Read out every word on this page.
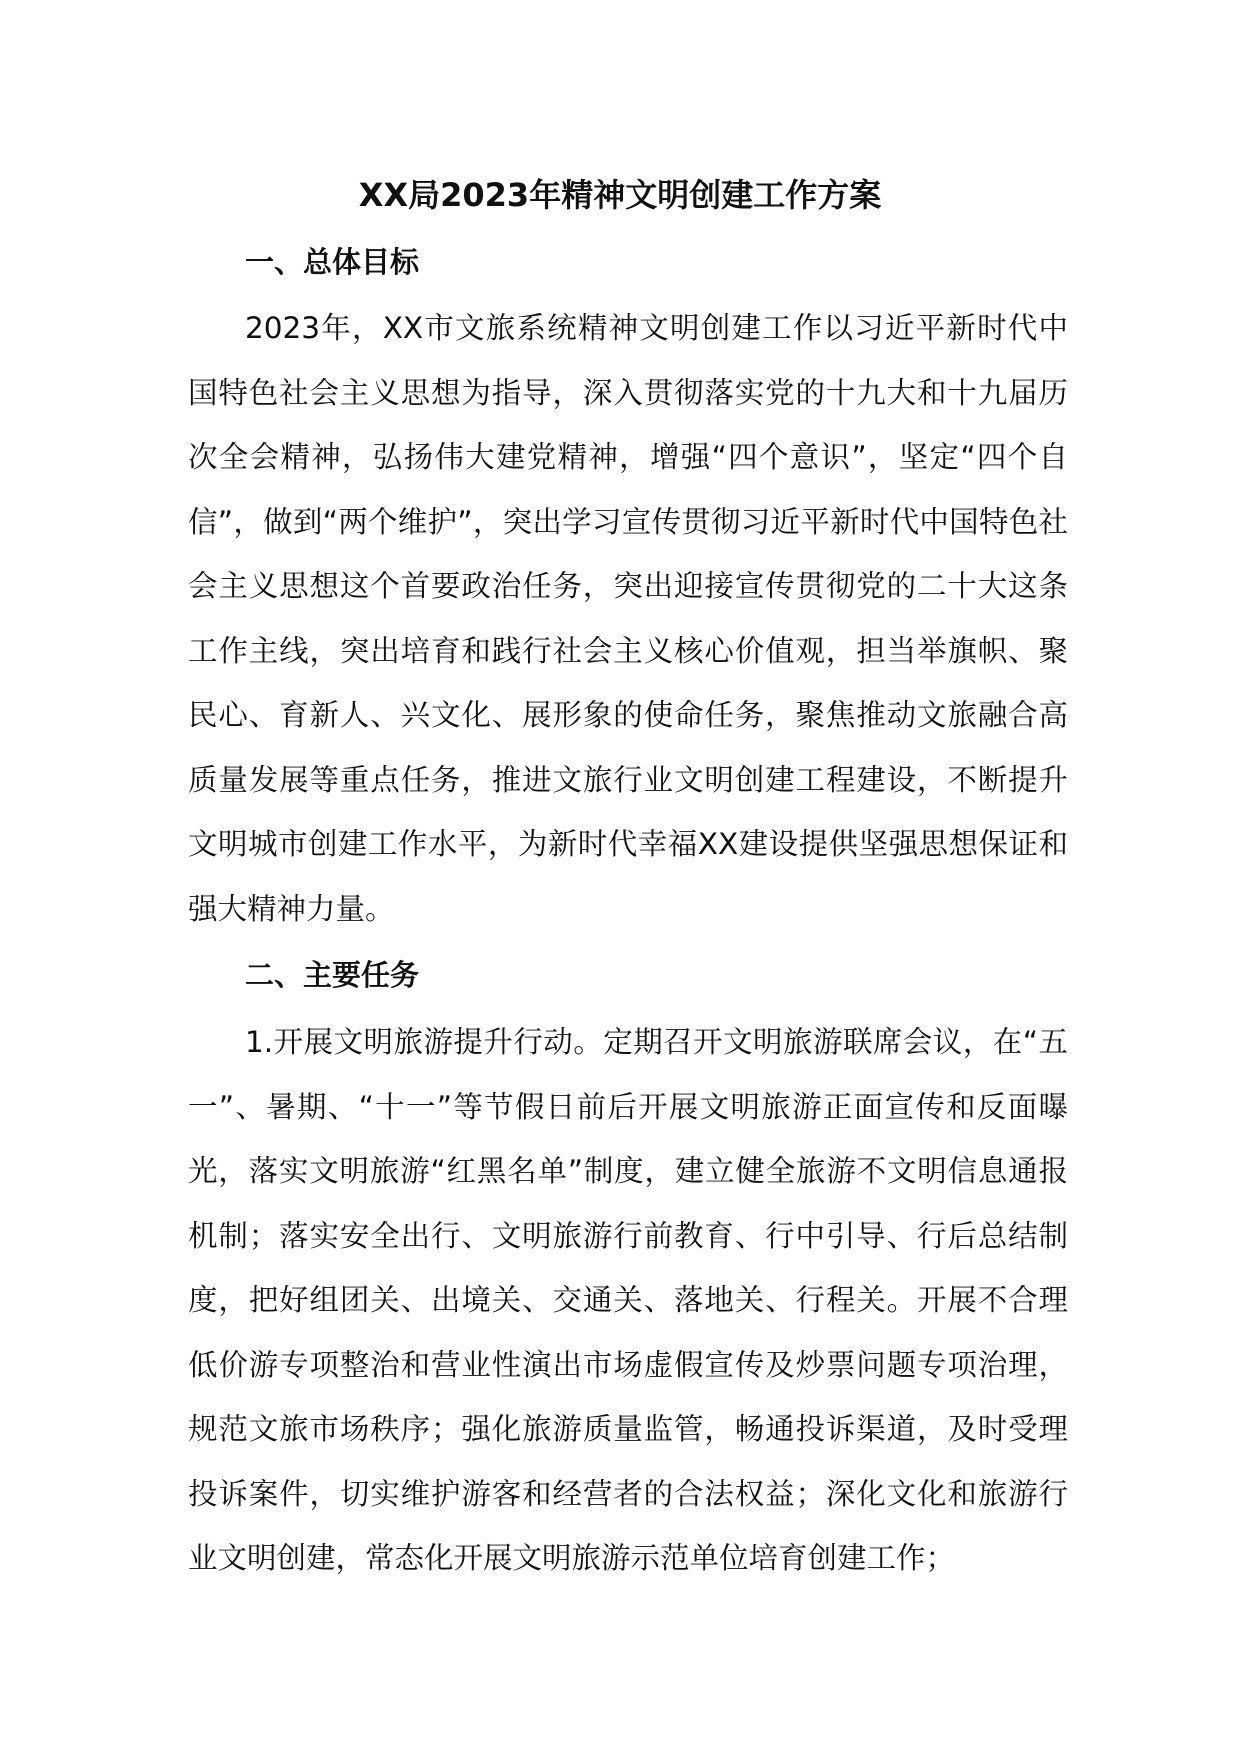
XX局2023年精神文明创建工作方案
一、总体目标

2023年，XX市文旅系统精神文明创建工作以习近平新时代中国特色社会主义思想为指导，深入贯彻落实党的十九大和十九届历次全会精神，弘扬伟大建党精神，增强“四个意识”，坚定“四个自信”，做到“两个维护”，突出学习宣传贯彻习近平新时代中国特色社会主义思想这个首要政治任务，突出迎接宣传贯彻党的二十大这条工作主线，突出培育和践行社会主义核心价值观，担当举旗帜、聚民心、育新人、兴文化、展形象的使命任务，聚焦推动文旅融合高质量发展等重点任务，推进文旅行业文明创建工程建设，不断提升文明城市创建工作水平，为新时代幸福XX建设提供坚强思想保证和强大精神力量。

二、主要任务

1.开展文明旅游提升行动。定期召开文明旅游联席会议，在“五一”、暑期、“十一”等节假日前后开展文明旅游正面宣传和反面曝光，落实文明旅游“红黑名单”制度，建立健全旅游不文明信息通报机制；落实安全出行、文明旅游行前教育、行中引导、行后总结制度，把好组团关、出境关、交通关、落地关、行程关。开展不合理低价游专项整治和营业性演出市场虚假宣传及炒票问题专项治理，规范文旅市场秩序；强化旅游质量监管，畅通投诉渠道，及时受理投诉案件，切实维护游客和经营者的合法权益；深化文化和旅游行业文明创建，常态化开展文明旅游示范单位培育创建工作；
